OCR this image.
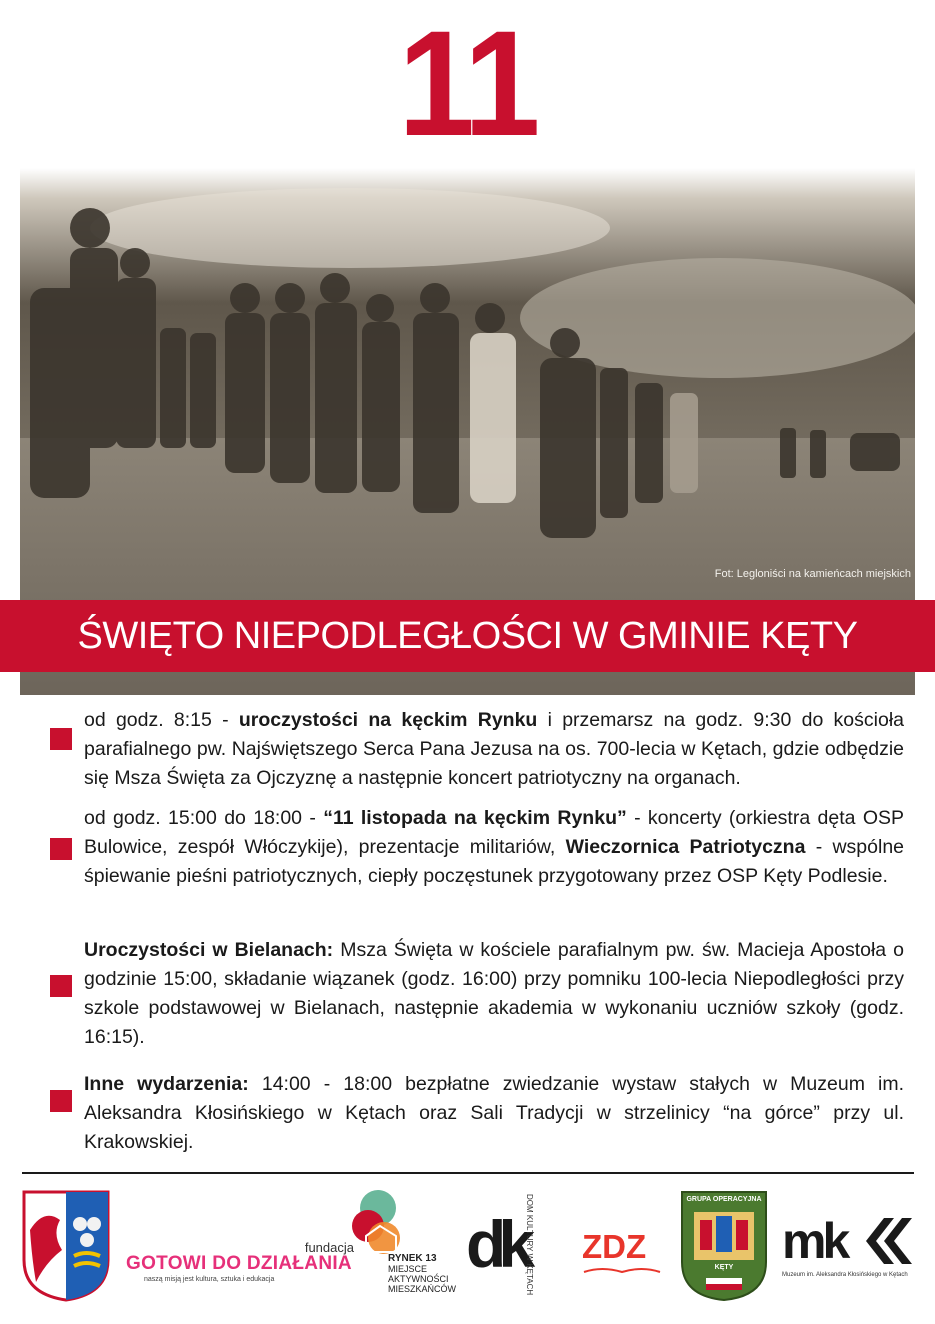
11
Fot: Legloniści na kamieńcach miejskich
ŚWIĘTO NIEPODLEGŁOŚCI W GMINIE KĘTY
od godz. 8:15 - uroczystości na kęckim Rynku i przemarsz na godz. 9:30 do kościoła parafialnego pw. Najświętszego Serca Pana Jezusa na os. 700-lecia w Kętach, gdzie odbędzie się Msza Święta za Ojczyznę a następnie koncert patriotyczny na organach.
od godz. 15:00 do 18:00 - “11 listopada na kęckim Rynku” - koncerty (orkiestra dęta OSP Bulowice, zespół Włóczykije), prezentacje militariów, Wieczornica Patriotyczna - wspólne śpiewanie pieśni patriotycznych, ciepły poczęstunek przygotowany przez OSP Kęty Podlesie.
Uroczystości w Bielanach: Msza Święta w kościele parafialnym pw. św. Macieja Apostoła o godzinie 15:00, składanie wiązanek (godz. 16:00) przy pomniku 100-lecia Niepodległości przy szkole podstawowej w Bielanach, następnie akademia w wykonaniu uczniów szkoły (godz. 16:15).
Inne wydarzenia: 14:00 - 18:00 bezpłatne zwiedzanie wystaw stałych w Muzeum im. Aleksandra Kłosińskiego w Kętach oraz Sali Tradycji w strzelinicy “na górce” przy ul. Krakowskiej.
fundacja
GOTOWI DO DZIAŁANIA
naszą misją jest kultura, sztuka i edukacja
RYNEK 13
MIEJSCE
AKTYWNOŚCI
MIESZKAŃCÓW
dk
DOM KULTURY W KĘTACH ZDZ
GRUPA OPERACYJNA
KĘTY mk
Muzeum im. Aleksandra Kłosińskiego w Kętach
